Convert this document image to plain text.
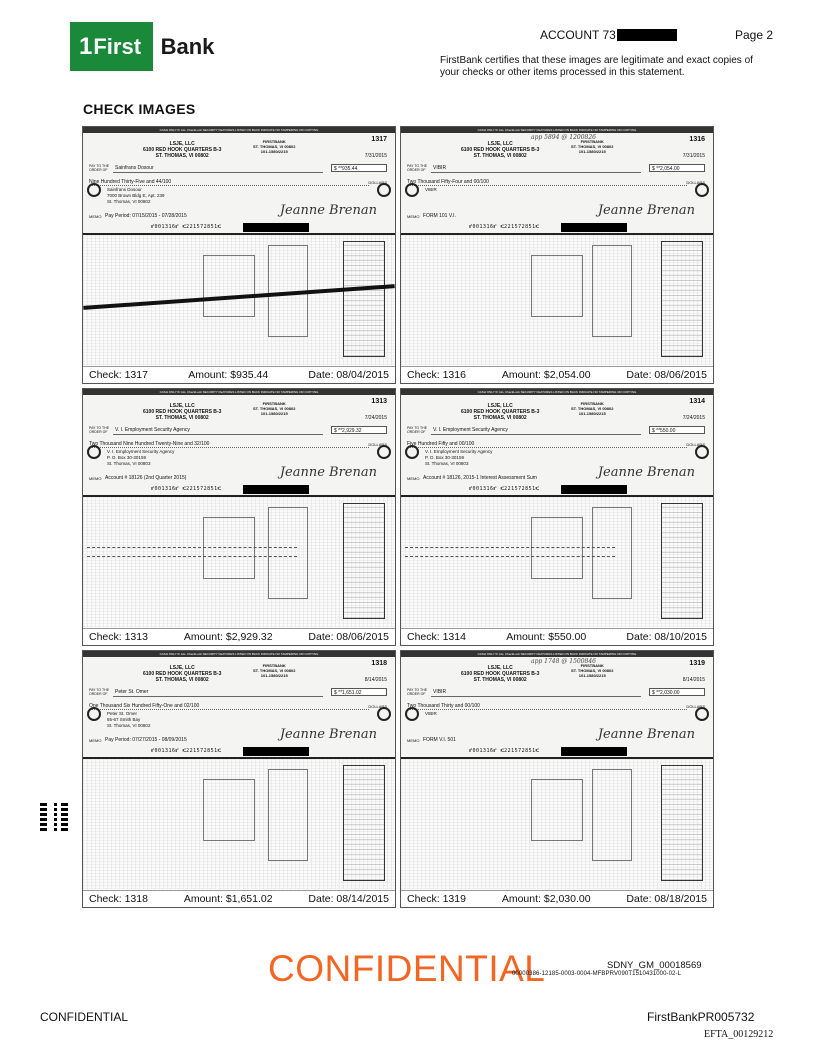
1 First Bank	ACCOUNT 73	Page 2
FirstBank certifies that these images are legitimate and exact copies of your checks or other items processed in this statement.
CHECK IMAGES
CASH ONLY IF ALL CheckLock SECURITY FEATURES LISTED ON BACK INDICATE NO TAMPERING OR COPYING
LSJE, LLC
6100 RED HOOK QUARTERS B-3
ST. THOMAS, VI 00802
FIRSTBANK
ST. THOMAS, VI 00802
101-1580/2215
1317
7/31/2015
PAY TO THE ORDER OF	Sainfrans Dosour	$ **935.44
Nine Hundred Thirty-Five and 44/100	DOLLARS
Sainfrans Dosour
7000 Brown Bldg E, Apt. 239
St. Thomas, VI 00802
MEMO Pay Period: 07/15/2015 - 07/28/2015	Jeanne Brenan
⑈001316⑈ ⑆221572851⑆
Check: 1317	Amount: $935.44	Date: 08/04/2015
CASH ONLY IF ALL CheckLock SECURITY FEATURES LISTED ON BACK INDICATE NO TAMPERING OR COPYING
LSJE, LLC
6100 RED HOOK QUARTERS B-3
ST. THOMAS, VI 00802
FIRSTBANK
ST. THOMAS, VI 00802
101-1580/2215
app 5894 @ 1200826	1316
7/31/2015
PAY TO THE ORDER OF	VIBIR	$ **2,054.00
Two Thousand Fifty-Four and 00/100	DOLLARS
VIBIR
MEMO FORM 101 V.I.	Jeanne Brenan
⑈001316⑈ ⑆221572851⑆
Check: 1316	Amount: $2,054.00	Date: 08/06/2015
CASH ONLY IF ALL CheckLock SECURITY FEATURES LISTED ON BACK INDICATE NO TAMPERING OR COPYING
LSJE, LLC
6100 RED HOOK QUARTERS B-3
ST. THOMAS, VI 00802
FIRSTBANK
ST. THOMAS, VI 00802
101-1580/2215
1313
7/24/2015
PAY TO THE ORDER OF	V. I. Employment Security Agency	$ **2,929.32
Two Thousand Nine Hundred Twenty-Nine and 32/100	DOLLARS
V. I. Employment Security Agency
P. O. Box 30-30159
St. Thomas, VI 00803
MEMO Account # 18126 (2nd Quarter 2015)	Jeanne Brenan
⑈001316⑈ ⑆221572851⑆
Check: 1313	Amount: $2,929.32	Date: 08/06/2015
CASH ONLY IF ALL CheckLock SECURITY FEATURES LISTED ON BACK INDICATE NO TAMPERING OR COPYING
LSJE, LLC
6100 RED HOOK QUARTERS B-3
ST. THOMAS, VI 00802
FIRSTBANK
ST. THOMAS, VI 00802
101-1580/2215
1314
7/24/2015
PAY TO THE ORDER OF	V. I. Employment Security Agency	$ **550.00
Five Hundred Fifty and 00/100	DOLLARS
V. I. Employment Security Agency
P. O. Box 30-30159
St. Thomas, VI 00803
MEMO Account # 18126, 2015-1 Interest Assessment Sum	Jeanne Brenan
⑈001316⑈ ⑆221572851⑆
Check: 1314	Amount: $550.00	Date: 08/10/2015
CASH ONLY IF ALL CheckLock SECURITY FEATURES LISTED ON BACK INDICATE NO TAMPERING OR COPYING
LSJE, LLC
6100 RED HOOK QUARTERS B-3
ST. THOMAS, VI 00802
FIRSTBANK
ST. THOMAS, VI 00802
101-1580/2215
1318
8/14/2015
PAY TO THE ORDER OF	Peter St. Omer	$ **1,651.02
One Thousand Six Hundred Fifty-One and 02/100	DOLLARS
Peter St. Omer
65-67 Smith Bay
St. Thomas, VI 00802
MEMO Pay Period: 07/27/2015 - 08/09/2015	Jeanne Brenan
⑈001316⑈ ⑆221572851⑆
Check: 1318	Amount: $1,651.02	Date: 08/14/2015
CASH ONLY IF ALL CheckLock SECURITY FEATURES LISTED ON BACK INDICATE NO TAMPERING OR COPYING
LSJE, LLC
6100 RED HOOK QUARTERS B-3
ST. THOMAS, VI 00802
FIRSTBANK
ST. THOMAS, VI 00802
101-1580/2215
app 1748 @ 1500846	1319
8/14/2015
PAY TO THE ORDER OF	VIBIR	$ **2,030.00
Two Thousand Thirty and 00/100	DOLLARS
VIBIR
MEMO FORM V.I. 501	Jeanne Brenan
⑈001316⑈ ⑆221572851⑆
Check: 1319	Amount: $2,030.00	Date: 08/18/2015
CONFIDENTIAL	SDNY_GM_00018569
00000386-12185-0003-0004-MFBPRV090T1510431000-02-L
CONFIDENTIAL	FirstBankPR005732
EFTA_00129212
